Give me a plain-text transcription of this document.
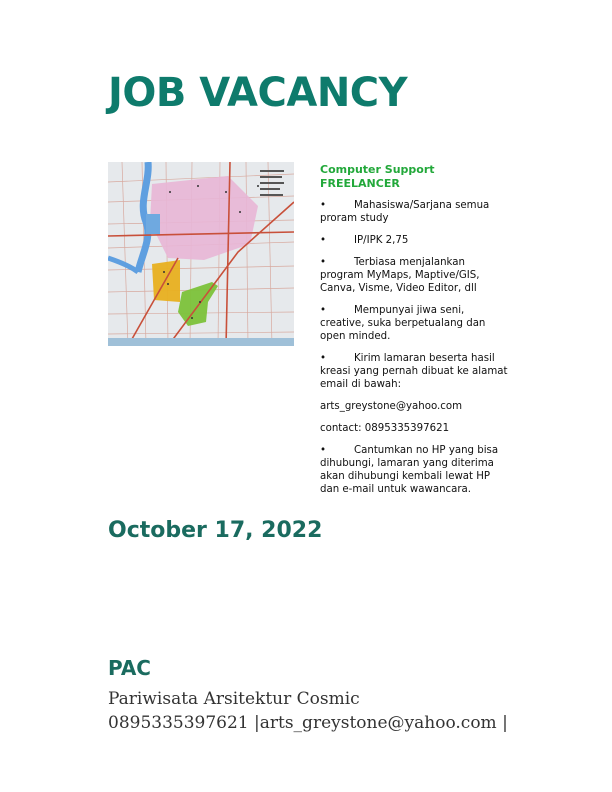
JOB VACANCY
Computer Support
FREELANCER

•	Mahasiswa/Sarjana semua proram study

•	IP/IPK 2,75

•	Terbiasa menjalankan program MyMaps, Maptive/GIS, Canva, Visme, Video Editor, dll

•	Mempunyai jiwa seni, creative, suka berpetualang dan open minded.

•	Kirim lamaran beserta hasil kreasi yang pernah dibuat ke alamat email di bawah:

arts_greystone@yahoo.com

contact: 0895335397621

•	Cantumkan no HP yang bisa dihubungi, lamaran yang diterima akan dihubungi kembali lewat HP dan e-mail untuk wawancara.

October 17, 2022
PAC

Pariwisata Arsitektur Cosmic

0895335397621 |arts_greystone@yahoo.com |
